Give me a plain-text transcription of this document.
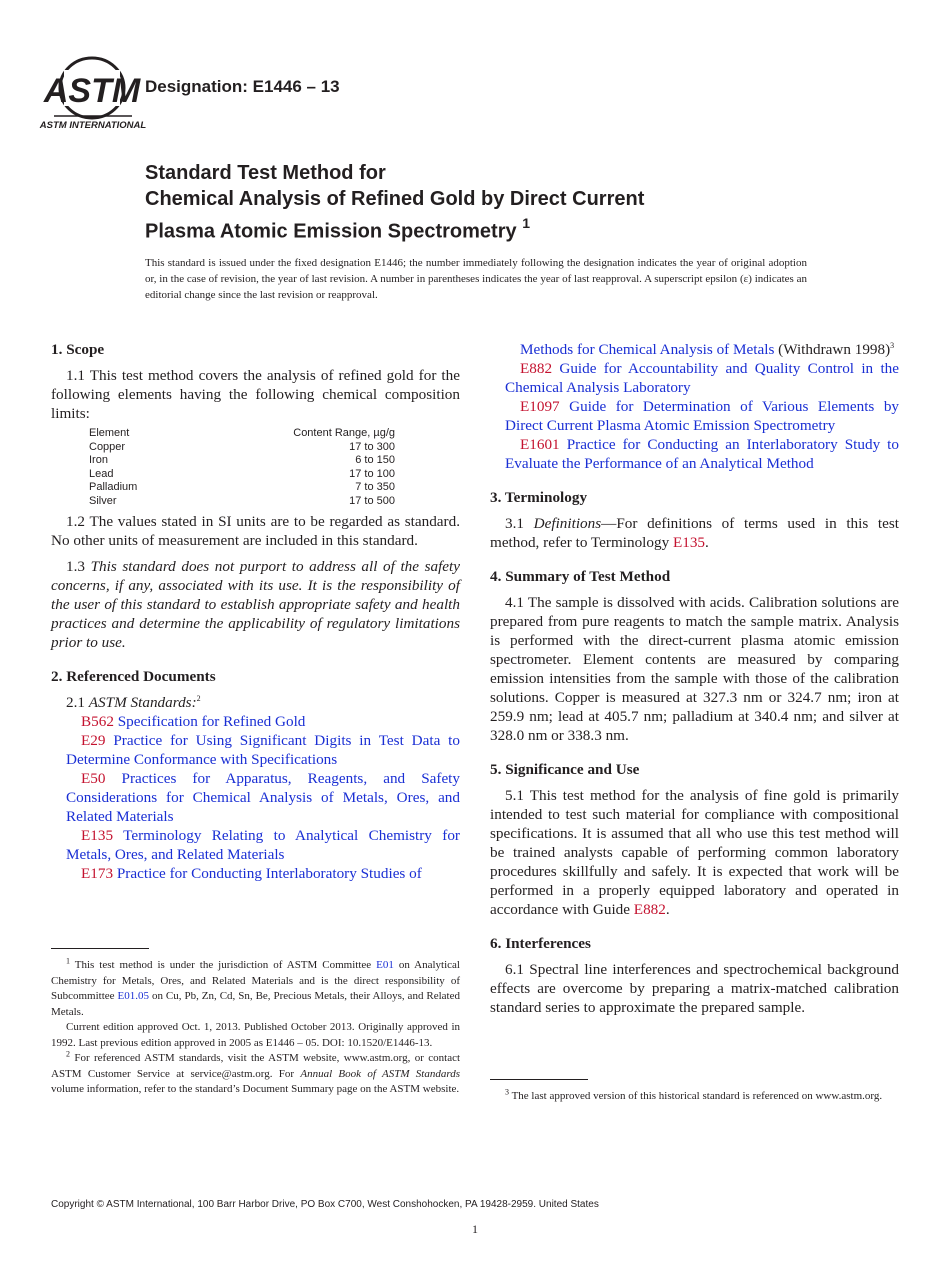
ASTM
ASTM INTERNATIONAL
Designation: E1446 – 13
Standard Test Method for
Chemical Analysis of Refined Gold by Direct Current
Plasma Atomic Emission Spectrometry $^1$
This standard is issued under the fixed designation E1446; the number immediately following the designation indicates the year of original adoption or, in the case of revision, the year of last revision. A number in parentheses indicates the year of last reapproval. A superscript epsilon (ε) indicates an editorial change since the last revision or reapproval.
1. Scope

1.1 This test method covers the analysis of refined gold for the following elements having the following chemical composition limits:

Element	Content Range, µg/g
Copper	17 to 300
Iron	6 to 150
Lead	17 to 100
Palladium	7 to 350
Silver	17 to 500

1.2 The values stated in SI units are to be regarded as standard. No other units of measurement are included in this standard.

1.3 This standard does not purport to address all of the safety concerns, if any, associated with its use. It is the responsibility of the user of this standard to establish appropriate safety and health practices and determine the applicability of regulatory limitations prior to use.

2. Referenced Documents

2.1 ASTM Standards:$^2$

B562 Specification for Refined Gold

E29 Practice for Using Significant Digits in Test Data to Determine Conformance with Specifications

E50 Practices for Apparatus, Reagents, and Safety Considerations for Chemical Analysis of Metals, Ores, and Related Materials

E135 Terminology Relating to Analytical Chemistry for Metals, Ores, and Related Materials

E173 Practice for Conducting Interlaboratory Studies of

Methods for Chemical Analysis of Metals (Withdrawn 1998)$^3$

E882 Guide for Accountability and Quality Control in the Chemical Analysis Laboratory

E1097 Guide for Determination of Various Elements by Direct Current Plasma Atomic Emission Spectrometry

E1601 Practice for Conducting an Interlaboratory Study to Evaluate the Performance of an Analytical Method

3. Terminology

3.1 Definitions—For definitions of terms used in this test method, refer to Terminology E135.

4. Summary of Test Method

4.1 The sample is dissolved with acids. Calibration solutions are prepared from pure reagents to match the sample matrix. Analysis is performed with the direct-current plasma atomic emission spectrometer. Element contents are measured by comparing emission intensities from the sample with those of the calibration solutions. Copper is measured at 327.3 nm or 324.7 nm; iron at 259.9 nm; lead at 405.7 nm; palladium at 340.4 nm; and silver at 328.0 nm or 338.3 nm.

5. Significance and Use

5.1 This test method for the analysis of fine gold is primarily intended to test such material for compliance with compositional specifications. It is assumed that all who use this test method will be trained analysts capable of performing common laboratory procedures skillfully and safely. It is expected that work will be performed in a properly equipped laboratory and operated in accordance with Guide E882.

6. Interferences

6.1 Spectral line interferences and spectrochemical background effects are overcome by preparing a matrix-matched calibration standard series to approximate the prepared sample.

$^1$ This test method is under the jurisdiction of ASTM Committee E01 on Analytical Chemistry for Metals, Ores, and Related Materials and is the direct responsibility of Subcommittee E01.05 on Cu, Pb, Zn, Cd, Sn, Be, Precious Metals, their Alloys, and Related Metals.

Current edition approved Oct. 1, 2013. Published October 2013. Originally approved in 1992. Last previous edition approved in 2005 as E1446 – 05. DOI: 10.1520/E1446-13.

$^2$ For referenced ASTM standards, visit the ASTM website, www.astm.org, or contact ASTM Customer Service at service@astm.org. For Annual Book of ASTM Standards volume information, refer to the standard’s Document Summary page on the ASTM website.	$^3$ The last approved version of this historical standard is referenced on www.astm.org.

Copyright © ASTM International, 100 Barr Harbor Drive, PO Box C700, West Conshohocken, PA 19428-2959. United States
1
